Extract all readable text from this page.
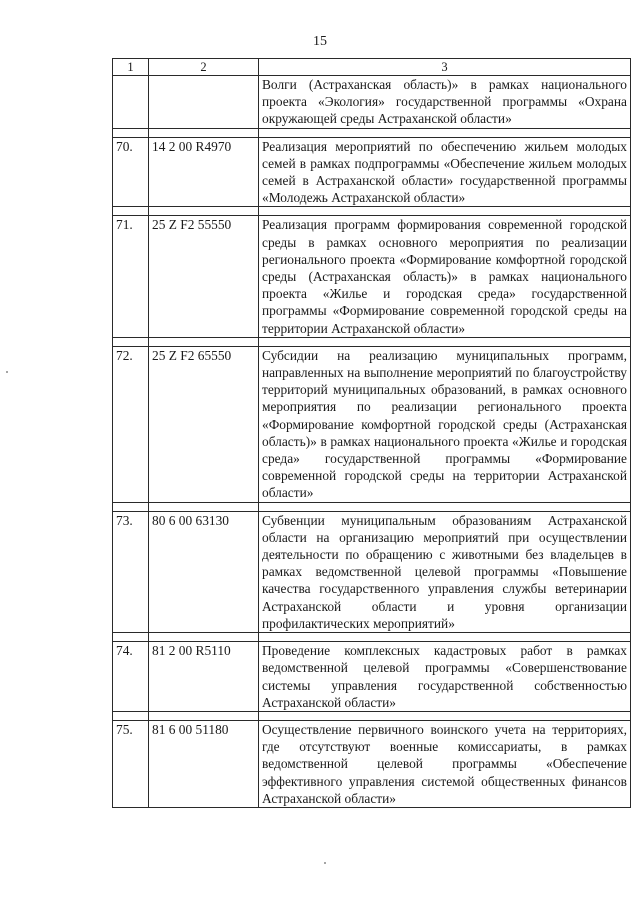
15
1	2	3
		Волги (Астраханская область)» в рамках национального проекта «Экология» государственной программы «Охрана окружающей среды Астраханской области»

70.	14 2 00 R4970	Реализация мероприятий по обеспечению жильем молодых семей в рамках подпрограммы «Обеспечение жильем молодых семей в Астраханской области» государственной программы «Молодежь Астраханской области»

71.	25 Z F2 55550	Реализация программ формирования современной городской среды в рамках основного мероприятия по реализации регионального проекта «Формирование комфортной городской среды (Астраханская область)» в рамках национального проекта «Жилье и городская среда» государственной программы «Формирование современной городской среды на территории Астраханской области»

72.	25 Z F2 65550	Субсидии на реализацию муниципальных программ, направленных на выполнение мероприятий по благоустройству территорий муниципальных образований, в рамках основного мероприятия по реализации регионального проекта «Формирование комфортной городской среды (Астраханская область)» в рамках национального проекта «Жилье и городская среда» государственной программы «Формирование современной городской среды на территории Астраханской области»

73.	80 6 00 63130	Субвенции муниципальным образованиям Астраханской области на организацию мероприятий при осуществлении деятельности по обращению с животными без владельцев в рамках ведомственной целевой программы «Повышение качества государственного управления службы ветеринарии Астраханской области и уровня организации профилактических мероприятий»

74.	81 2 00 R5110	Проведение комплексных кадастровых работ в рамках ведомственной целевой программы «Совершенствование системы управления государственной собственностью Астраханской области»

75.	81 6 00 51180	Осуществление первичного воинского учета на территориях, где отсутствуют военные комиссариаты, в рамках ведомственной целевой программы «Обеспечение эффективного управления системой общественных финансов Астраханской области»
